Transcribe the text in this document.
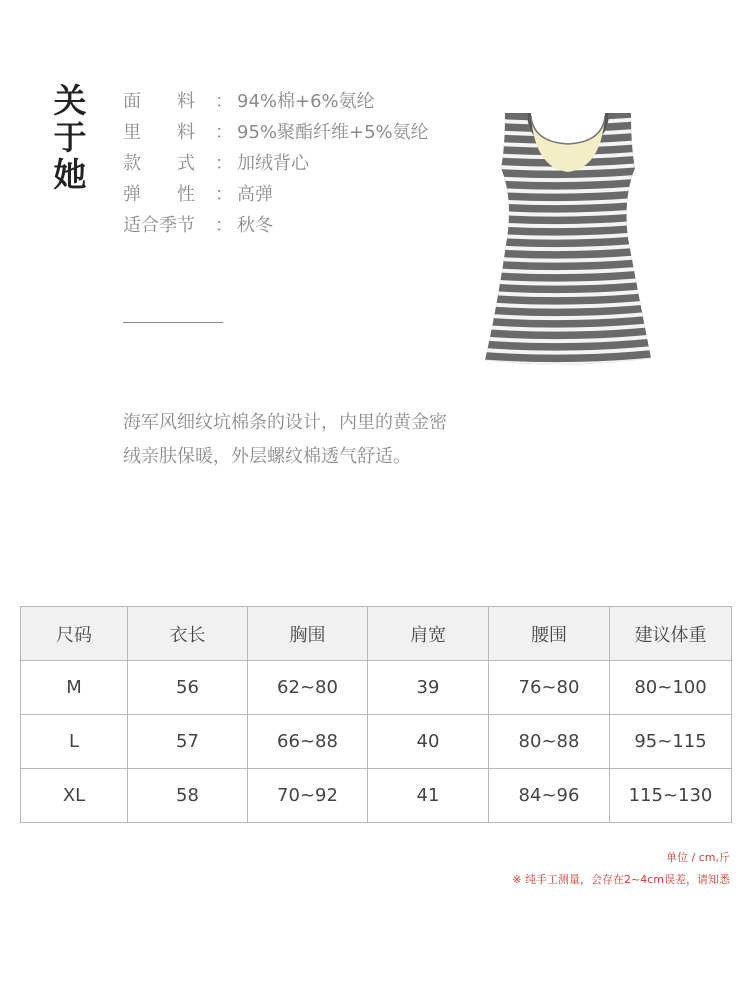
关
于
她
面　　料	： 94%棉+6%氨纶
里　　料	： 95%聚酯纤维+5%氨纶
款　　式	： 加绒背心
弹　　性	： 高弹
适合季节	： 秋冬
海军风细纹坑棉条的设计，内里的黄金密绒亲肤保暖，外层螺纹棉透气舒适。
尺码	衣长	胸围	肩宽	腰围	建议体重
M	56	62~80	39	76~80	80~100
L	57	66~88	40	80~88	95~115
XL	58	70~92	41	84~96	115~130
单位 / cm,斤
※ 纯手工测量，会存在2~4cm误差，请知悉
